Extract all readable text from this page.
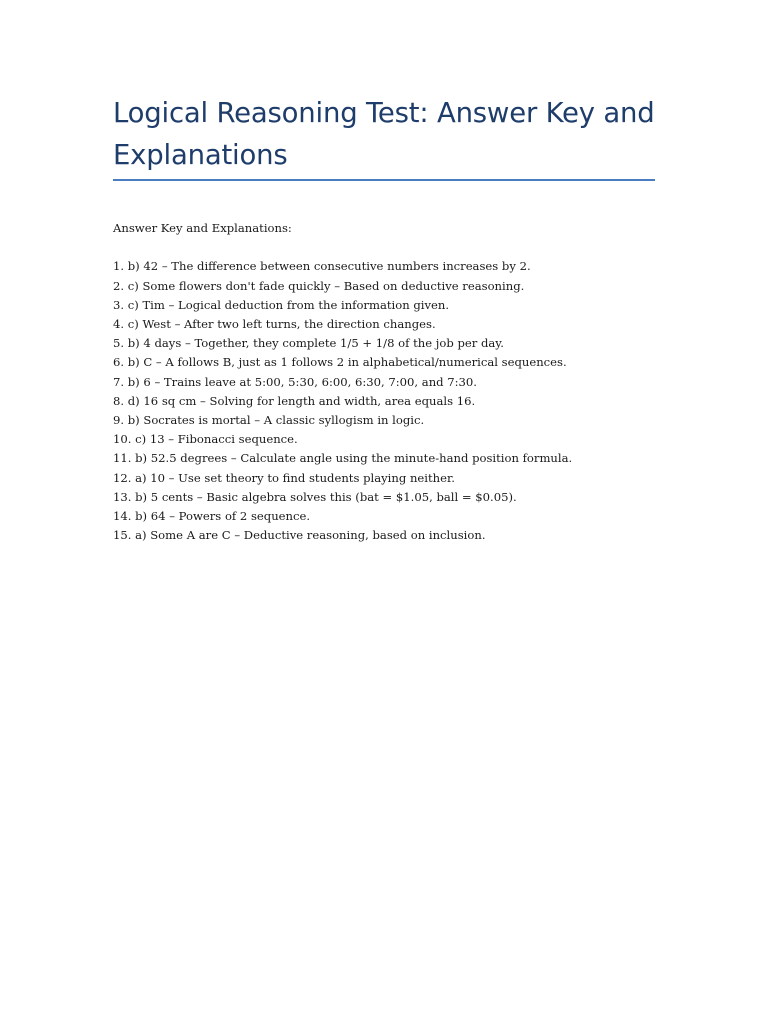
Logical Reasoning Test: Answer Key and Explanations

Answer Key and Explanations:

1. b) 42 – The difference between consecutive numbers increases by 2.
2. c) Some flowers don't fade quickly – Based on deductive reasoning.
3. c) Tim – Logical deduction from the information given.
4. c) West – After two left turns, the direction changes.
5. b) 4 days – Together, they complete 1/5 + 1/8 of the job per day.
6. b) C – A follows B, just as 1 follows 2 in alphabetical/numerical sequences.
7. b) 6 – Trains leave at 5:00, 5:30, 6:00, 6:30, 7:00, and 7:30.
8. d) 16 sq cm – Solving for length and width, area equals 16.
9. b) Socrates is mortal – A classic syllogism in logic.
10. c) 13 – Fibonacci sequence.
11. b) 52.5 degrees – Calculate angle using the minute-hand position formula.
12. a) 10 – Use set theory to find students playing neither.
13. b) 5 cents – Basic algebra solves this (bat = $1.05, ball = $0.05).
14. b) 64 – Powers of 2 sequence.
15. a) Some A are C – Deductive reasoning, based on inclusion.
